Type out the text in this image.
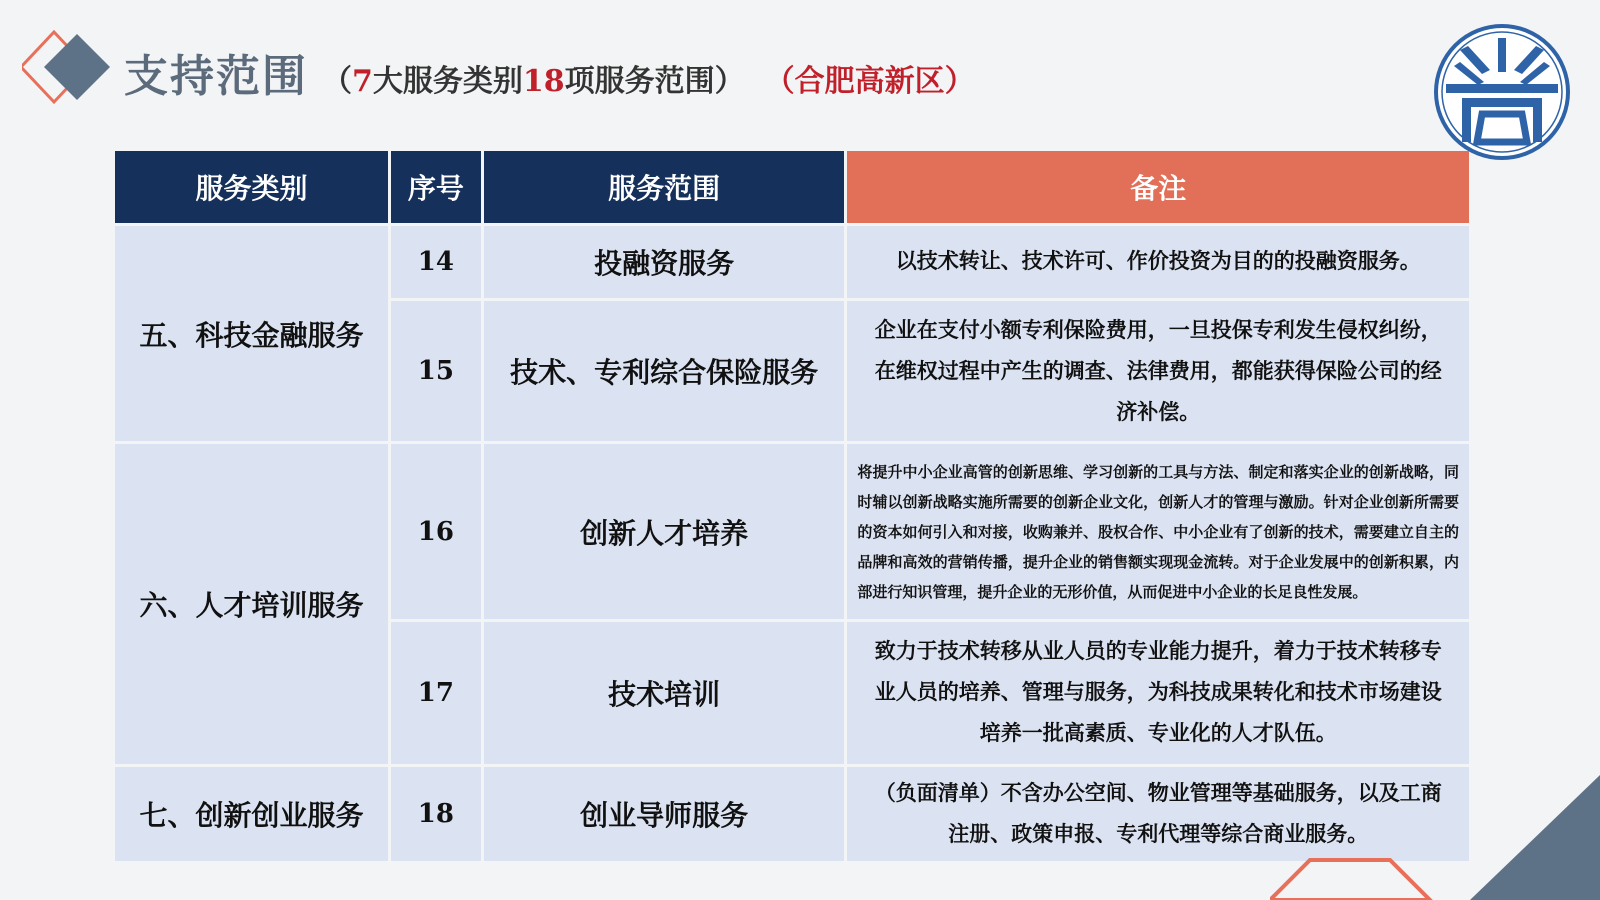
支持范围 （7大服务类别18项服务范围） （合肥高新区）
服务类别	序号	服务范围	备注
五、科技金融服务	14	投融资服务	以技术转让、技术许可、作价投资为目的的投融资服务。
	15	技术、专利综合保险服务	企业在支付小额专利保险费用，一旦投保专利发生侵权纠纷，在维权过程中产生的调查、法律费用，都能获得保险公司的经济补偿。
六、人才培训服务	16	创新人才培养	将提升中小企业高管的创新思维、学习创新的工具与方法、制定和落实企业的创新战略，同时辅以创新战略实施所需要的创新企业文化，创新人才的管理与激励。针对企业创新所需要的资本如何引入和对接，收购兼并、股权合作、中小企业有了创新的技术，需要建立自主的品牌和高效的营销传播，提升企业的销售额实现现金流转。对于企业发展中的创新积累，内部进行知识管理，提升企业的无形价值，从而促进中小企业的长足良性发展。
	17	技术培训	致力于技术转移从业人员的专业能力提升，着力于技术转移专业人员的培养、管理与服务，为科技成果转化和技术市场建设培养一批高素质、专业化的人才队伍。
七、创新创业服务	18	创业导师服务	（负面清单）不含办公空间、物业管理等基础服务，以及工商注册、政策申报、专利代理等综合商业服务。
